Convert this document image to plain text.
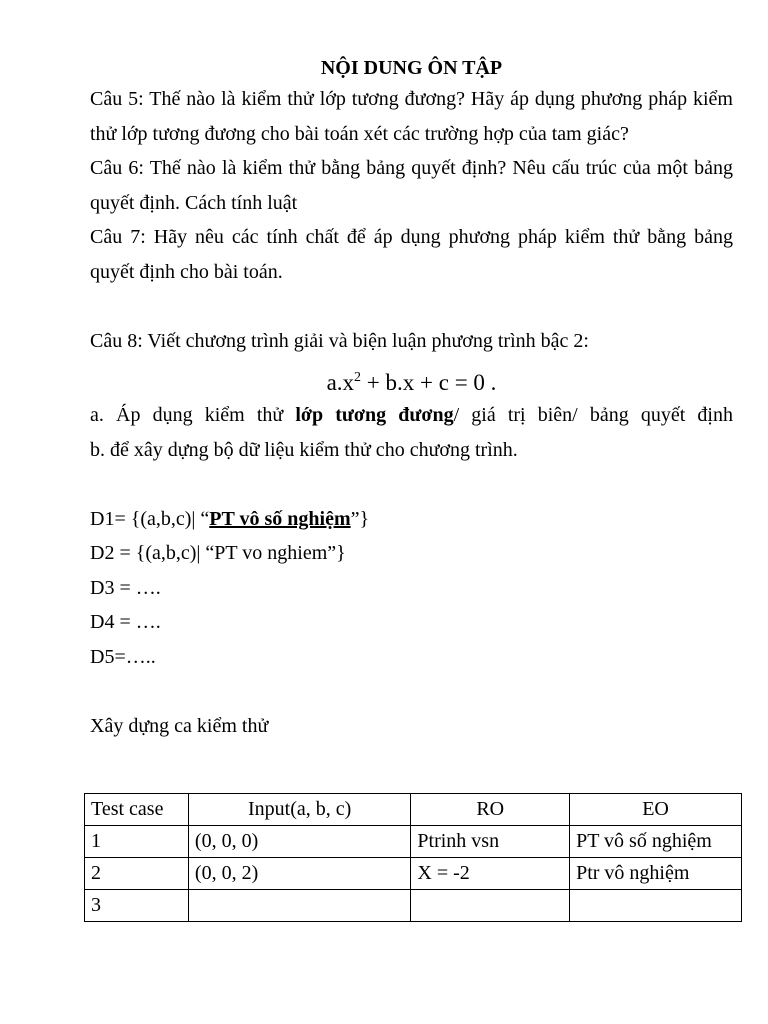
NỘI DUNG ÔN TẬP

Câu 5: Thế nào là kiểm thử lớp tương đương? Hãy áp dụng phương pháp kiểm thử lớp tương đương cho bài toán xét các trường hợp của tam giác?

Câu 6: Thế nào là kiểm thử bằng bảng quyết định? Nêu cấu trúc của một bảng quyết định. Cách tính luật

Câu 7: Hãy nêu các tính chất để áp dụng phương pháp kiểm thử bằng bảng quyết định cho bài toán.

Câu 8: Viết chương trình giải và biện luận phương trình bậc 2:

$a.x^2 + b.x + c = 0$ .

a. Áp dụng kiểm thử lớp tương đương/ giá trị biên/ bảng quyết định

b. để xây dựng bộ dữ liệu kiểm thử cho chương trình.

D1= {(a,b,c)| “PT vô số nghiệm”}

D2 = {(a,b,c)| “PT vo nghiem”}

D3 = ….

D4 = ….

D5=…..

Xây dựng ca kiểm thử

Test case	Input(a, b, c)	RO	EO
1	(0, 0, 0)	Ptrinh vsn	PT vô số nghiệm
2	(0, 0, 2)	X = -2	Ptr vô nghiệm
3			
